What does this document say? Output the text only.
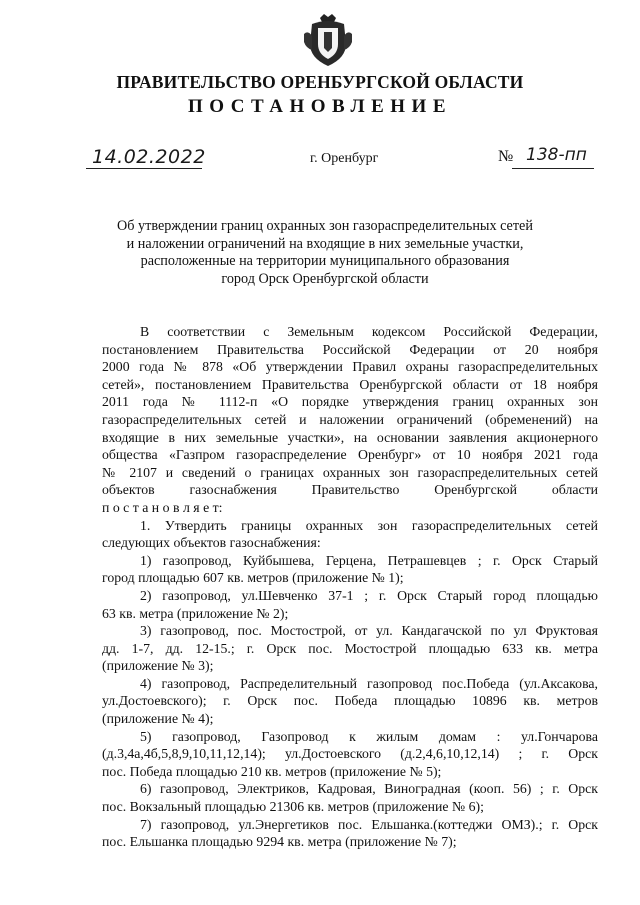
ПРАВИТЕЛЬСТВО ОРЕНБУРГСКОЙ ОБЛАСТИ
ПОСТАНОВЛЕНИЕ
14.02.2022	г. Оренбург	№ 138-пп
Об утверждении границ охранных зон газораспределительных сетей
и наложении ограничений на входящие в них земельные участки,
расположенные на территории муниципального образования
город Орск Оренбургской области
В соответствии с Земельным кодексом Российской Федерации,
постановлением Правительства Российской Федерации от 20 ноября
2000 года № 878 «Об утверждении Правил охраны газораспределительных
сетей», постановлением Правительства Оренбургской области от 18 ноября
2011 года № 1112-п «О порядке утверждения границ охранных зон
газораспределительных сетей и наложении ограничений (обременений) на
входящие в них земельные участки», на основании заявления акционерного
общества «Газпром газораспределение Оренбург» от 10 ноября 2021 года
№ 2107 и сведений о границах охранных зон газораспределительных сетей
объектов газоснабжения Правительство Оренбургской области
п о с т а н о в л я е т:
1. Утвердить границы охранных зон газораспределительных сетей
следующих объектов газоснабжения:
1) газопровод, Куйбышева, Герцена, Петрашевцев ; г. Орск Старый
город площадью 607 кв. метров (приложение № 1);
2) газопровод, ул.Шевченко 37-1 ; г. Орск Старый город площадью
63 кв. метра (приложение № 2);
3) газопровод, пос. Мостострой, от ул. Кандагачской по ул Фруктовая
дд. 1-7, дд. 12-15.; г. Орск пос. Мостострой площадью 633 кв. метра
(приложение № 3);
4) газопровод, Распределительный газопровод пос.Победа (ул.Аксакова,
ул.Достоевского); г. Орск пос. Победа площадью 10896 кв. метров
(приложение № 4);
5) газопровод, Газопровод к жилым домам : ул.Гончарова
(д.3,4а,4б,5,8,9,10,11,12,14); ул.Достоевского (д.2,4,6,10,12,14) ; г. Орск
пос. Победа площадью 210 кв. метров (приложение № 5);
6) газопровод, Электриков, Кадровая, Виноградная (кооп. 56) ; г. Орск
пос. Вокзальный площадью 21306 кв. метров (приложение № 6);
7) газопровод, ул.Энергетиков пос. Ельшанка.(коттеджи ОМЗ).; г. Орск
пос. Ельшанка площадью 9294 кв. метра (приложение № 7);
